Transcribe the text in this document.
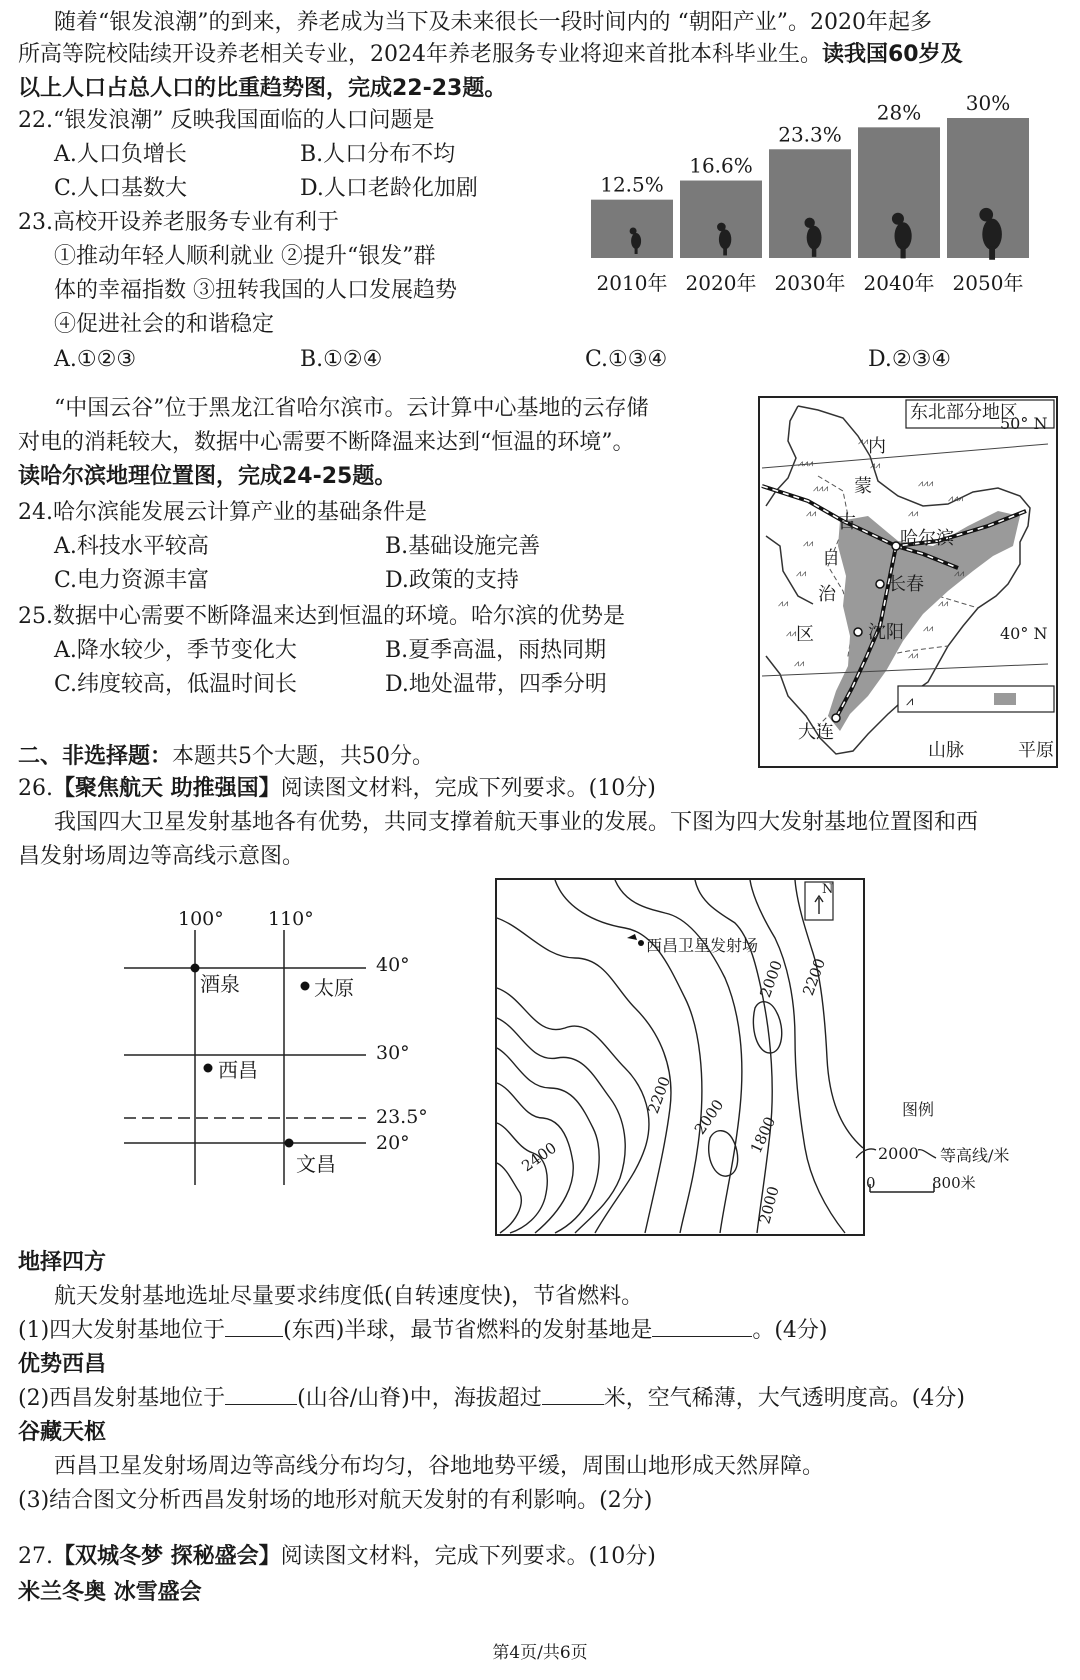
随着“银发浪潮”的到来，养老成为当下及未来很长一段时间内的 “朝阳产业”。2020年起多
所高等院校陆续开设养老相关专业，2024年养老服务专业将迎来首批本科毕业生。读我国60岁及
以上人口占总人口的比重趋势图，完成22-23题。
22.“银发浪潮” 反映我国面临的人口问题是
A.人口负增长	B.人口分布不均
C.人口基数大	D.人口老龄化加剧
23.高校开设养老服务专业有利于
①推动年轻人顺利就业 ②提升“银发”群
体的幸福指数 ③扭转我国的人口发展趋势
④促进社会的和谐稳定
A.①②③	B.①②④	C.①③④	D.②③④
12.5%
2010年
16.6%
2020年
23.3%
2030年
28%
2040年
30%
2050年
“中国云谷”位于黑龙江省哈尔滨市。云计算中心基地的云存储
对电的消耗较大，数据中心需要不断降温来达到“恒温的环境”。
读哈尔滨地理位置图，完成24-25题。
24.哈尔滨能发展云计算产业的基础条件是
A.科技水平较高	B.基础设施完善
C.电力资源丰富	D.政策的支持
25.数据中心需要不断降温来达到恒温的环境。哈尔滨的优势是
A.降水较少，季节变化大	B.夏季高温，雨热同期
C.纬度较高，低温时间长	D.地处温带，四季分明
⩘⩘⩘
⩘⩘⩘
⩘⩘
⩘⩘
⩘⩘
⩘⩘
⩘⩘
⩘⩘
⩘⩘
⩘⩘
⩘⩘⩘
⩘⩘⩘
⩘⩘
⩘⩘
⩘⩘
⩘⩘
⩘⩘
⩘
东北部分地区
50° N
40° N
哈尔滨
长春
沈阳
大连
内
蒙
古
自
治
区
山脉	平原
二、非选择题：本题共5个大题，共50分。
26.【聚焦航天 助推强国】阅读图文材料，完成下列要求。(10分)
我国四大卫星发射基地各有优势，共同支撑着航天事业的发展。下图为四大发射基地位置图和西
昌发射场周边等高线示意图。
100° 110°
40°
30°
23.5°
20°
酒泉	太原
西昌
文昌
N
西昌卫星发射场
2000 2200
2200
2000
2400
1800
2000
图例
2000 等高线/米
0	800米
地择四方
航天发射基地选址尽量要求纬度低(自转速度快)，节省燃料。
(1)四大发射基地位于	(东西)半球，最节省燃料的发射基地是	。(4分)
优势西昌
(2)西昌发射基地位于	(山谷/山脊)中，海拔超过	米，空气稀薄，大气透明度高。(4分)
谷藏天枢
西昌卫星发射场周边等高线分布均匀，谷地地势平缓，周围山地形成天然屏障。
(3)结合图文分析西昌发射场的地形对航天发射的有利影响。(2分)
27.【双城冬梦 探秘盛会】阅读图文材料，完成下列要求。(10分)
米兰冬奥 冰雪盛会
第4页/共6页
